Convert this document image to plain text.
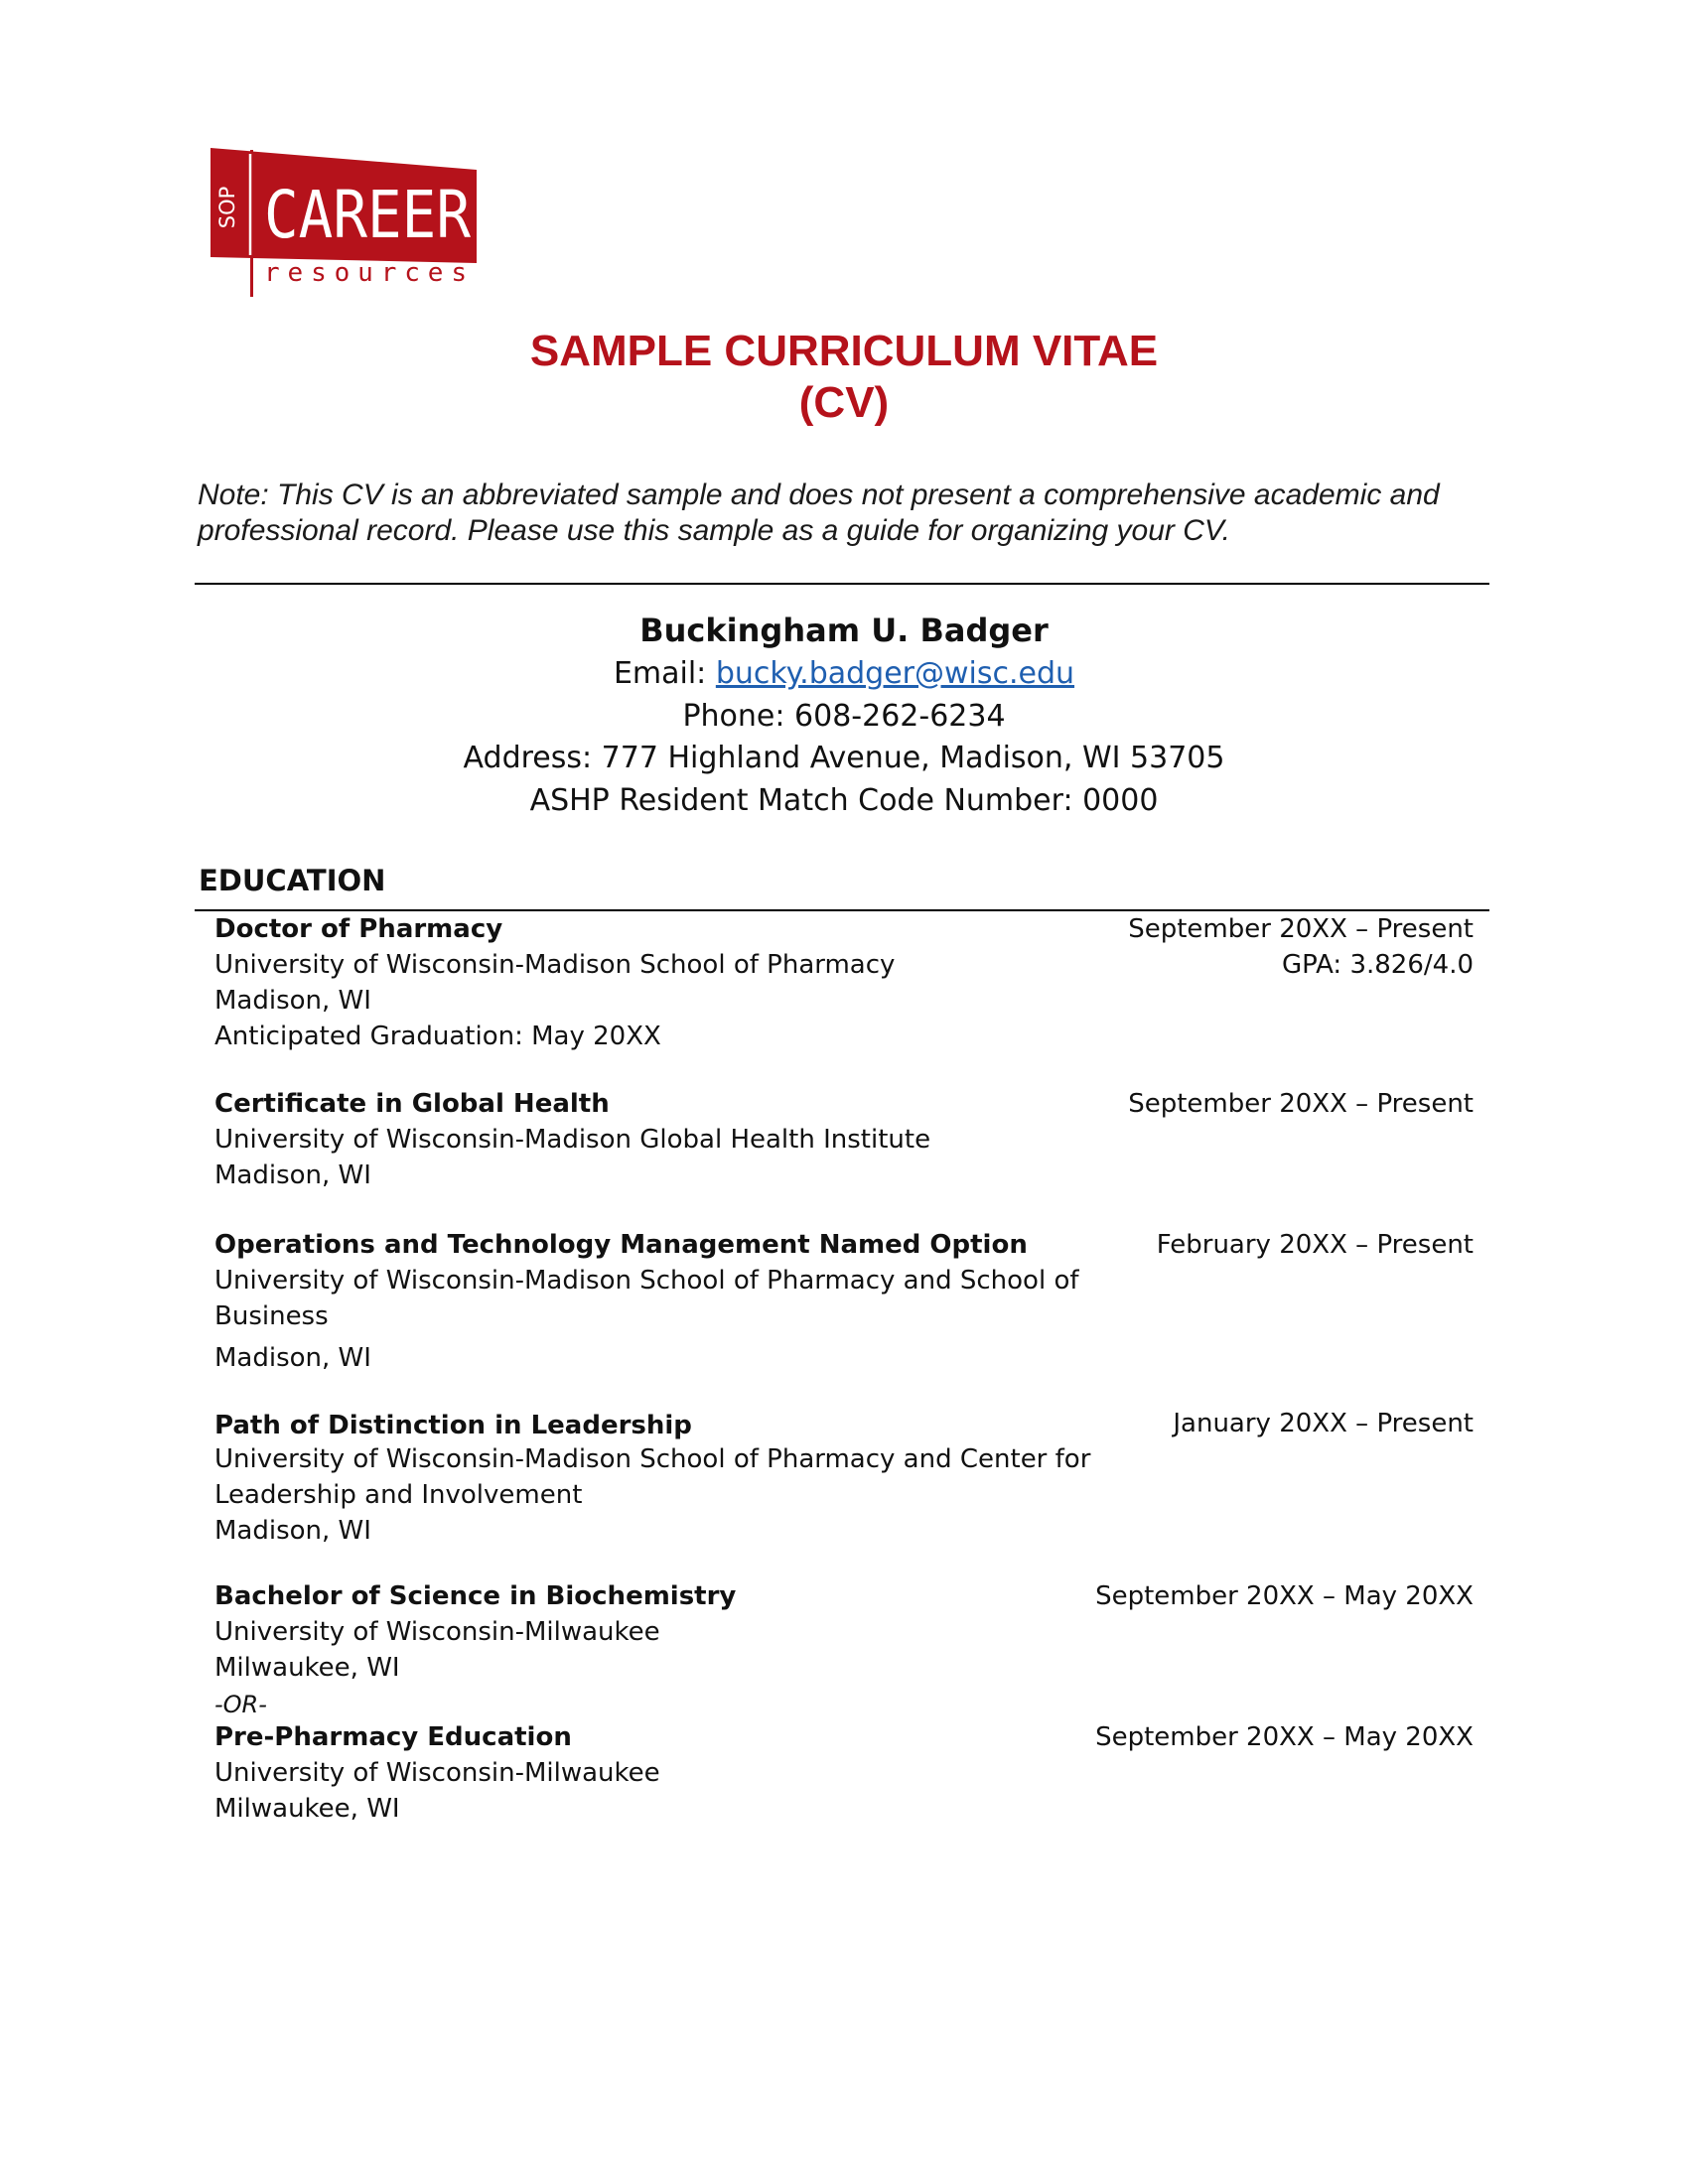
SOP CAREER
resources
SAMPLE CURRICULUM VITAE
(CV)
Note: This CV is an abbreviated sample and does not present a comprehensive academic and professional record. Please use this sample as a guide for organizing your CV.
Buckingham U. Badger
Email: bucky.badger@wisc.edu
Phone: 608-262-6234
Address: 777 Highland Avenue, Madison, WI 53705
ASHP Resident Match Code Number: 0000
EDUCATION
Doctor of Pharmacy
University of Wisconsin-Madison School of Pharmacy
Madison, WI
Anticipated Graduation: May 20XX
September 20XX – Present
GPA: 3.826/4.0
Certificate in Global Health
University of Wisconsin-Madison Global Health Institute
Madison, WI
September 20XX – Present
Operations and Technology Management Named Option
University of Wisconsin-Madison School of Pharmacy and School of
Business
Madison, WI
February 20XX – Present
Path of Distinction in Leadership
University of Wisconsin-Madison School of Pharmacy and Center for
Leadership and Involvement
Madison, WI
January 20XX – Present
Bachelor of Science in Biochemistry
University of Wisconsin-Milwaukee
Milwaukee, WI
September 20XX – May 20XX
-OR-
Pre-Pharmacy Education
University of Wisconsin-Milwaukee
Milwaukee, WI
September 20XX – May 20XX
